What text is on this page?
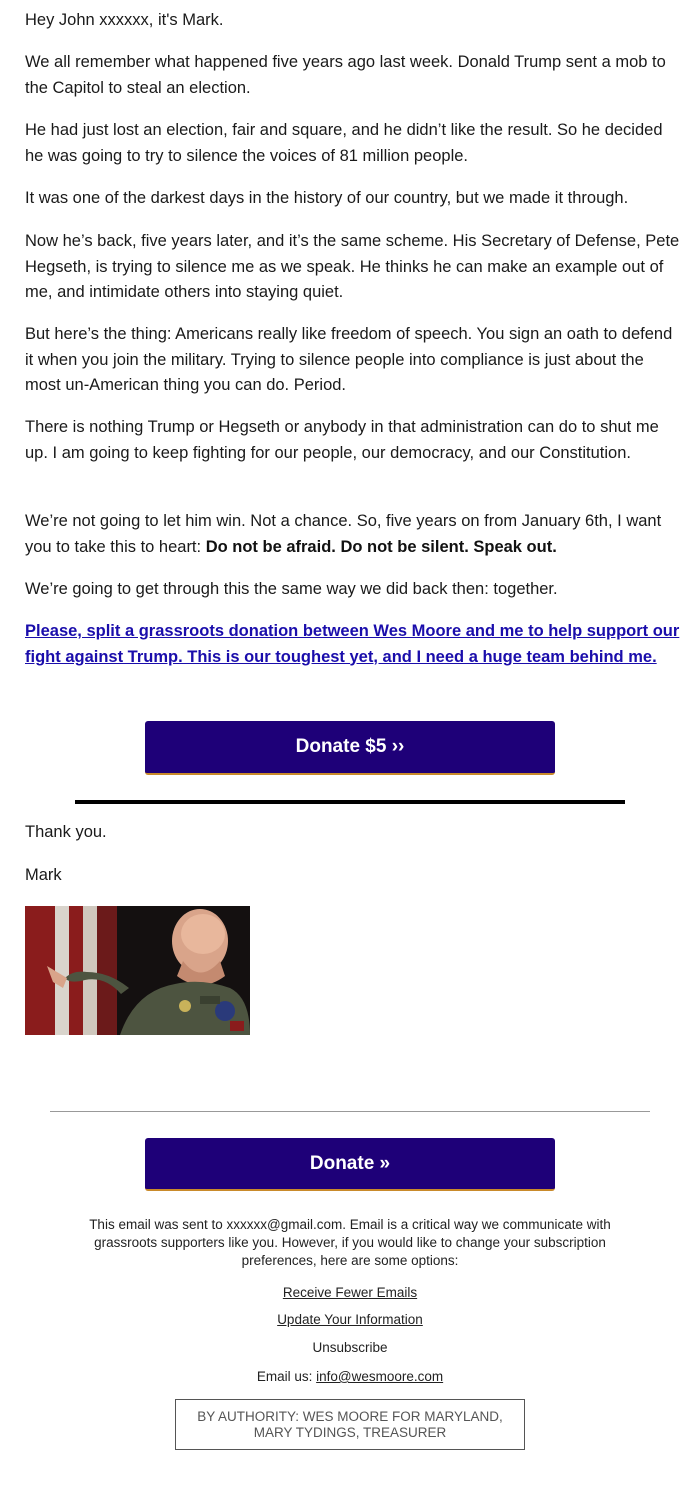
Hey John xxxxxx, it's Mark.

We all remember what happened five years ago last week. Donald Trump sent a mob to the Capitol to steal an election.

He had just lost an election, fair and square, and he didn’t like the result. So he decided he was going to try to silence the voices of 81 million people.

It was one of the darkest days in the history of our country, but we made it through.

Now he’s back, five years later, and it’s the same scheme. His Secretary of Defense, Pete Hegseth, is trying to silence me as we speak. He thinks he can make an example out of me, and intimidate others into staying quiet.

But here’s the thing: Americans really like freedom of speech. You sign an oath to defend it when you join the military. Trying to silence people into compliance is just about the most un-American thing you can do. Period.

There is nothing Trump or Hegseth or anybody in that administration can do to shut me up. I am going to keep fighting for our people, our democracy, and our Constitution.

We’re not going to let him win. Not a chance. So, five years on from January 6th, I want you to take this to heart: Do not be afraid. Do not be silent. Speak out.

We’re going to get through this the same way we did back then: together.

Please, split a grassroots donation between Wes Moore and me to help support our fight against Trump. This is our toughest yet, and I need a huge team behind me.

Donate $5 ››

Thank you.

Mark

Donate »
This email was sent to xxxxxx@gmail.com. Email is a critical way we communicate with grassroots supporters like you. However, if you would like to change your subscription preferences, here are some options:
Receive Fewer Emails
Update Your Information
Unsubscribe
Email us: info@wesmoore.com
BY AUTHORITY: WES MOORE FOR MARYLAND,
MARY TYDINGS, TREASURER
